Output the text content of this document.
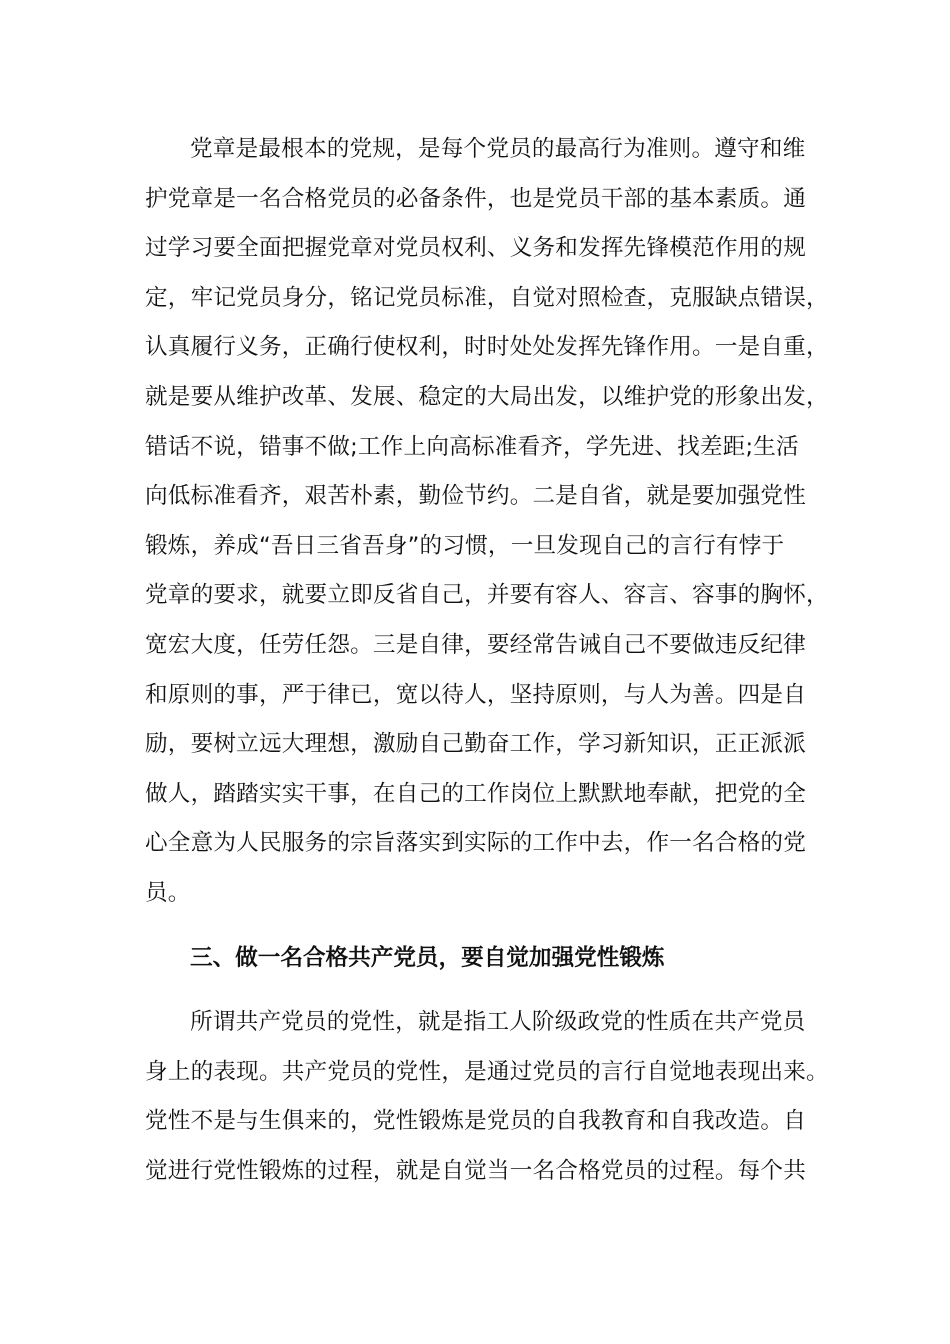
党章是最根本的党规，是每个党员的最高行为准则。遵守和维
护党章是一名合格党员的必备条件，也是党员干部的基本素质。通
过学习要全面把握党章对党员权利、义务和发挥先锋模范作用的规
定，牢记党员身分，铭记党员标准，自觉对照检查，克服缺点错误，
认真履行义务，正确行使权利，时时处处发挥先锋作用。一是自重，
就是要从维护改革、发展、稳定的大局出发，以维护党的形象出发，
错话不说，错事不做;工作上向高标准看齐，学先进、找差距;生活
向低标准看齐，艰苦朴素，勤俭节约。二是自省，就是要加强党性
锻炼，养成“吾日三省吾身”的习惯，一旦发现自己的言行有悖于
党章的要求，就要立即反省自己，并要有容人、容言、容事的胸怀，
宽宏大度，任劳任怨。三是自律，要经常告诫自己不要做违反纪律
和原则的事，严于律已，宽以待人，坚持原则，与人为善。四是自
励，要树立远大理想，激励自己勤奋工作，学习新知识，正正派派
做人，踏踏实实干事，在自己的工作岗位上默默地奉献，把党的全
心全意为人民服务的宗旨落实到实际的工作中去，作一名合格的党
员。
三、做一名合格共产党员，要自觉加强党性锻炼
所谓共产党员的党性，就是指工人阶级政党的性质在共产党员
身上的表现。共产党员的党性，是通过党员的言行自觉地表现出来。
党性不是与生俱来的，党性锻炼是党员的自我教育和自我改造。自
觉进行党性锻炼的过程，就是自觉当一名合格党员的过程。每个共
